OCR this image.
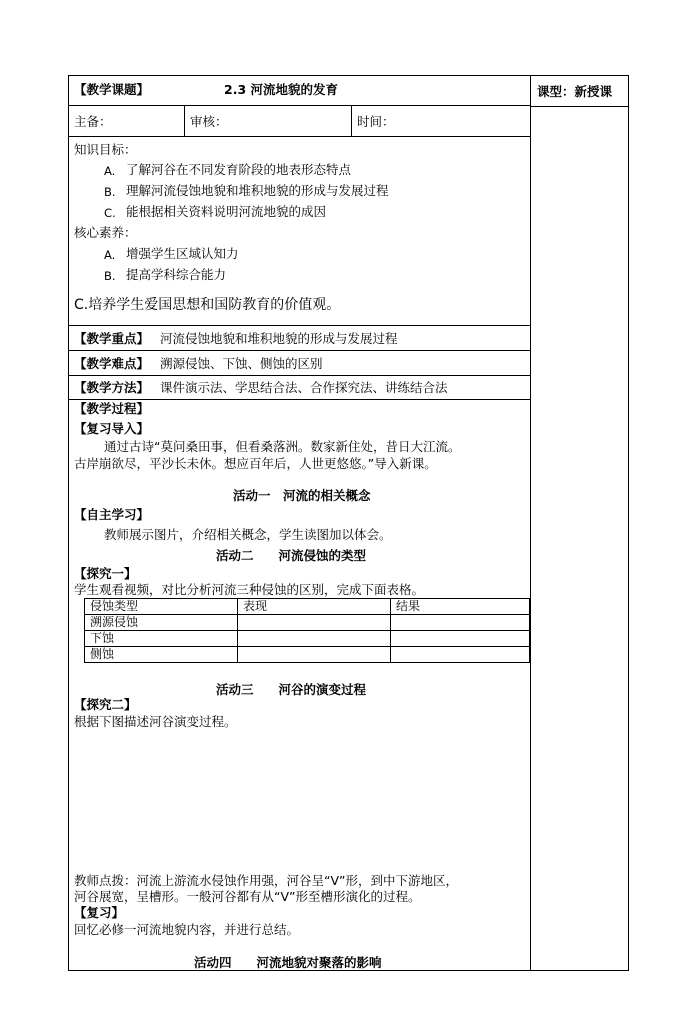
【教学课题】	2.3 河流地貌的发育	课型：新授课
主备：	审核：	时间：
知识目标：
A. 了解河谷在不同发育阶段的地表形态特点
B. 理解河流侵蚀地貌和堆积地貌的形成与发展过程
C. 能根据相关资料说明河流地貌的成因
核心素养：
A. 增强学生区域认知力
B. 提高学科综合能力
C.培养学生爱国思想和国防教育的价值观。
【教学重点】 河流侵蚀地貌和堆积地貌的形成与发展过程
【教学难点】 溯源侵蚀、下蚀、侧蚀的区别
【教学方法】 课件演示法、学思结合法、合作探究法、讲练结合法
【教学过程】
【复习导入】
通过古诗“莫问桑田事，但看桑落洲。数家新住处，昔日大江流。
古岸崩欲尽，平沙长未休。想应百年后，人世更悠悠。”导入新课。
活动一　河流的相关概念
【自主学习】
教师展示图片，介绍相关概念，学生读图加以体会。
活动二　　河流侵蚀的类型
【探究一】
学生观看视频，对比分析河流三种侵蚀的区别，完成下面表格。
侵蚀类型	表现	结果
溯源侵蚀		
下蚀		
侧蚀		
活动三　　河谷的演变过程
【探究二】
根据下图描述河谷演变过程。
教师点拨：河流上游流水侵蚀作用强，河谷呈“V”形，到中下游地区，
河谷展宽，呈槽形。一般河谷都有从“V”形至槽形演化的过程。
【复习】
回忆必修一河流地貌内容，并进行总结。
活动四　　河流地貌对聚落的影响
